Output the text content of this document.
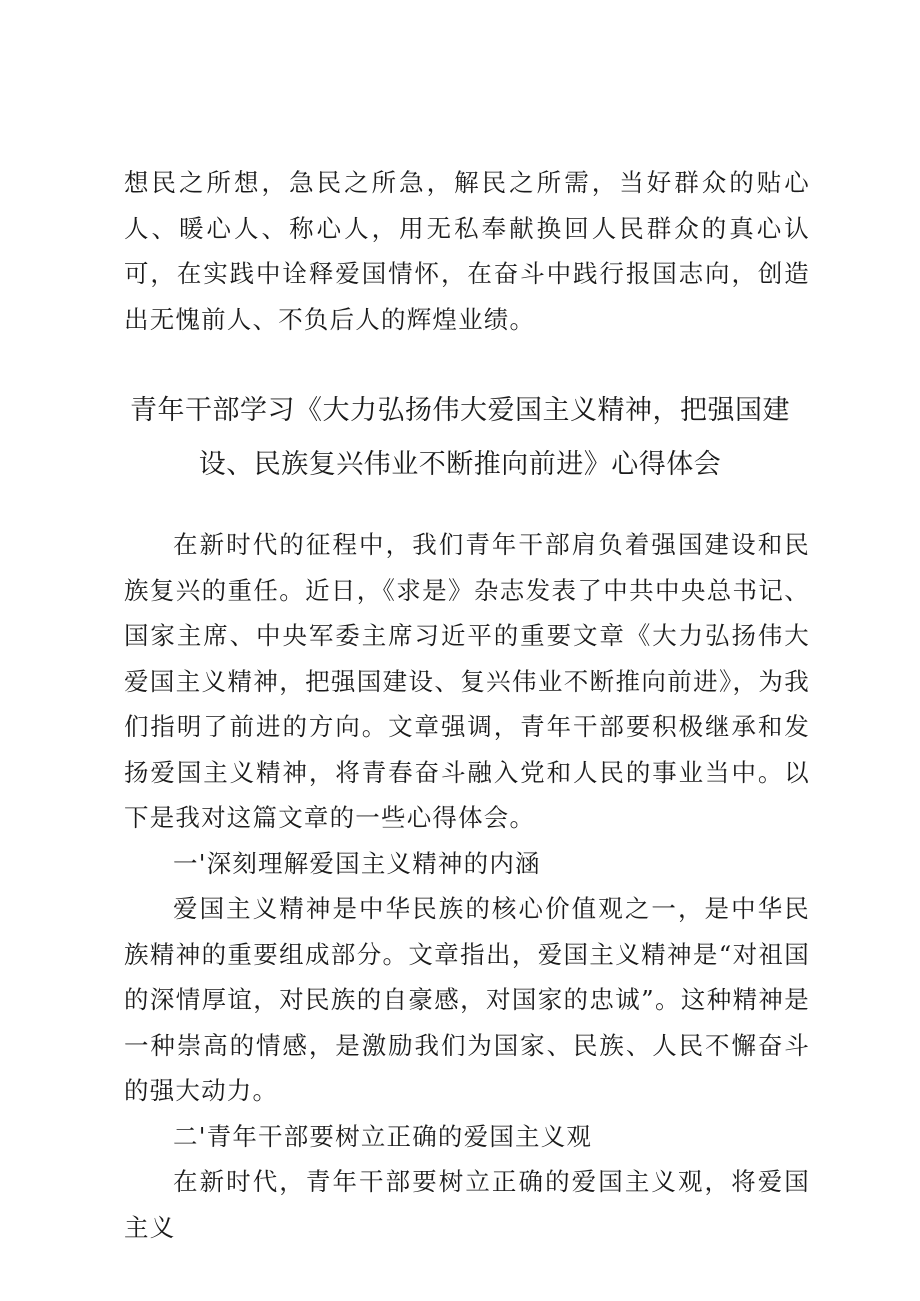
想民之所想，急民之所急，解民之所需，当好群众的贴心人、暖心人、称心人，用无私奉献换回人民群众的真心认可，在实践中诠释爱国情怀，在奋斗中践行报国志向，创造出无愧前人、不负后人的辉煌业绩。
青年干部学习《大力弘扬伟大爱国主义精神，把强国建设、民族复兴伟业不断推向前进》心得体会

在新时代的征程中，我们青年干部肩负着强国建设和民族复兴的重任。近日，《求是》杂志发表了中共中央总书记、国家主席、中央军委主席习近平的重要文章《大力弘扬伟大爱国主义精神，把强国建设、复兴伟业不断推向前进》，为我们指明了前进的方向。文章强调，青年干部要积极继承和发扬爱国主义精神，将青春奋斗融入党和人民的事业当中。以下是我对这篇文章的一些心得体会。

一'深刻理解爱国主义精神的内涵

爱国主义精神是中华民族的核心价值观之一，是中华民族精神的重要组成部分。文章指出，爱国主义精神是“对祖国的深情厚谊，对民族的自豪感，对国家的忠诚”。这种精神是一种崇高的情感，是激励我们为国家、民族、人民不懈奋斗的强大动力。

二'青年干部要树立正确的爱国主义观

在新时代，青年干部要树立正确的爱国主义观，将爱国主义
